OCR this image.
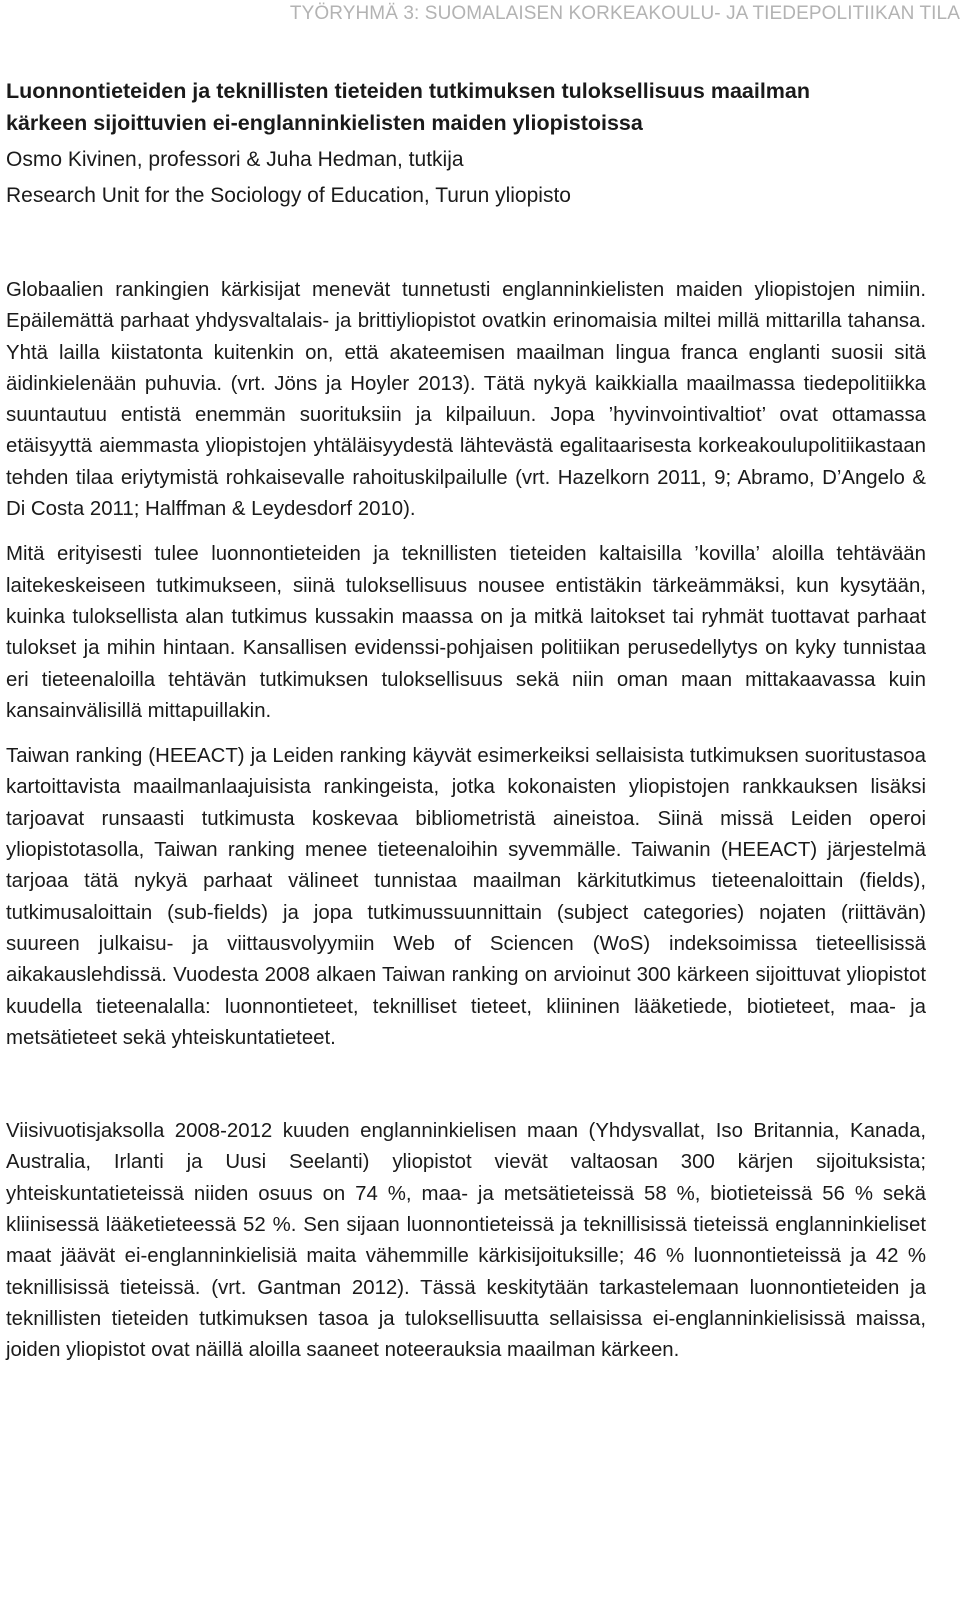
TYÖRYHMÄ 3: SUOMALAISEN KORKEAKOULU- JA TIEDEPOLITIIKAN TILA
Luonnontieteiden ja teknillisten tieteiden tutkimuksen tuloksellisuus maailman
kärkeen sijoittuvien ei-englanninkielisten maiden yliopistoissa
Osmo Kivinen, professori & Juha Hedman, tutkija
Research Unit for the Sociology of Education, Turun yliopisto

Globaalien rankingien kärkisijat menevät tunnetusti englanninkielisten maiden yliopistojen nimiin. Epäilemättä parhaat yhdysvaltalais- ja brittiyliopistot ovatkin erinomaisia miltei millä mittarilla tahansa. Yhtä lailla kiistatonta kuitenkin on, että akateemisen maailman lingua franca englanti suosii sitä äidinkielenään puhuvia. (vrt. Jöns ja Hoyler 2013). Tätä nykyä kaikkialla maailmassa tiedepolitiikka suuntautuu entistä enemmän suorituksiin ja kilpailuun. Jopa ’hyvinvointivaltiot’ ovat ottamassa etäisyyttä aiemmasta yliopistojen yhtäläisyydestä lähtevästä egalitaarisesta korkeakoulupolitiikastaan tehden tilaa eriytymistä rohkaisevalle rahoituskilpailulle (vrt. Hazelkorn 2011, 9; Abramo, D’Angelo & Di Costa 2011; Halffman & Leydesdorf 2010).

Mitä erityisesti tulee luonnontieteiden ja teknillisten tieteiden kaltaisilla ’kovilla’ aloilla tehtävään laitekeskeiseen tutkimukseen, siinä tuloksellisuus nousee entistäkin tärkeämmäksi, kun kysytään, kuinka tuloksellista alan tutkimus kussakin maassa on ja mitkä laitokset tai ryhmät tuottavat parhaat tulokset ja mihin hintaan. Kansallisen evidenssi-pohjaisen politiikan perusedellytys on kyky tunnistaa eri tieteenaloilla tehtävän tutkimuksen tuloksellisuus sekä niin oman maan mittakaavassa kuin kansainvälisillä mittapuillakin.

Taiwan ranking (HEEACT) ja Leiden ranking käyvät esimerkeiksi sellaisista tutkimuksen suoritustasoa kartoittavista maailmanlaajuisista rankingeista, jotka kokonaisten yliopistojen rankkauksen lisäksi tarjoavat runsaasti tutkimusta koskevaa bibliometristä aineistoa. Siinä missä Leiden operoi yliopistotasolla, Taiwan ranking menee tieteenaloihin syvemmälle. Taiwanin (HEEACT) järjestelmä tarjoaa tätä nykyä parhaat välineet tunnistaa maailman kärkitutkimus tieteenaloittain (fields), tutkimusaloittain (sub-fields) ja jopa tutkimussuunnittain (subject categories) nojaten (riittävän) suureen julkaisu- ja viittausvolyymiin Web of Sciencen (WoS) indeksoimissa tieteellisissä aikakauslehdissä. Vuodesta 2008 alkaen Taiwan ranking on arvioinut 300 kärkeen sijoittuvat yliopistot kuudella tieteenalalla: luonnontieteet, teknilliset tieteet, kliininen lääketiede, biotieteet, maa- ja metsätieteet sekä yhteiskuntatieteet.

Viisivuotisjaksolla 2008-2012 kuuden englanninkielisen maan (Yhdysvallat, Iso Britannia, Kanada, Australia, Irlanti ja Uusi Seelanti) yliopistot vievät valtaosan 300 kärjen sijoituksista; yhteiskuntatieteissä niiden osuus on 74 %, maa- ja metsätieteissä 58 %, biotieteissä 56 % sekä kliinisessä lääketieteessä 52 %. Sen sijaan luonnontieteissä ja teknillisissä tieteissä englanninkieliset maat jäävät ei-englanninkielisiä maita vähemmille kärkisijoituksille; 46 % luonnontieteissä ja 42 % teknillisissä tieteissä. (vrt. Gantman 2012). Tässä keskitytään tarkastelemaan luonnontieteiden ja teknillisten tieteiden tutkimuksen tasoa ja tuloksellisuutta sellaisissa ei-englanninkielisissä maissa, joiden yliopistot ovat näillä aloilla saaneet noteerauksia maailman kärkeen.
